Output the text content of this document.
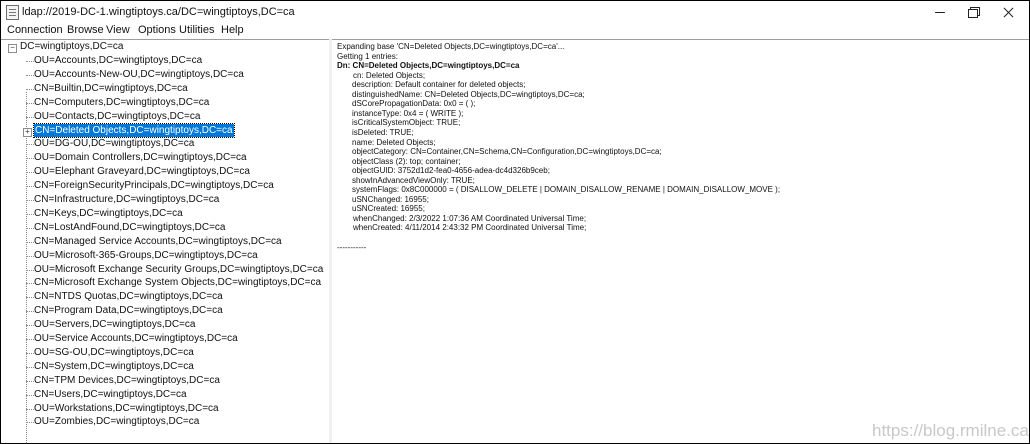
ldap://2019-DC-1.wingtiptoys.ca/DC=wingtiptoys,DC=ca
Connection Browse View Options Utilities Help
− DC=wingtiptoys,DC=ca
OU=Accounts,DC=wingtiptoys,DC=ca
OU=Accounts-New-OU,DC=wingtiptoys,DC=ca
CN=Builtin,DC=wingtiptoys,DC=ca
CN=Computers,DC=wingtiptoys,DC=ca
OU=Contacts,DC=wingtiptoys,DC=ca
+ CN=Deleted Objects,DC=wingtiptoys,DC=ca
OU=DG-OU,DC=wingtiptoys,DC=ca
OU=Domain Controllers,DC=wingtiptoys,DC=ca
OU=Elephant Graveyard,DC=wingtiptoys,DC=ca
CN=ForeignSecurityPrincipals,DC=wingtiptoys,DC=ca
CN=Infrastructure,DC=wingtiptoys,DC=ca
CN=Keys,DC=wingtiptoys,DC=ca
CN=LostAndFound,DC=wingtiptoys,DC=ca
CN=Managed Service Accounts,DC=wingtiptoys,DC=ca
OU=Microsoft-365-Groups,DC=wingtiptoys,DC=ca
OU=Microsoft Exchange Security Groups,DC=wingtiptoys,DC=ca
CN=Microsoft Exchange System Objects,DC=wingtiptoys,DC=ca
CN=NTDS Quotas,DC=wingtiptoys,DC=ca
CN=Program Data,DC=wingtiptoys,DC=ca
OU=Servers,DC=wingtiptoys,DC=ca
OU=Service Accounts,DC=wingtiptoys,DC=ca
OU=SG-OU,DC=wingtiptoys,DC=ca
CN=System,DC=wingtiptoys,DC=ca
CN=TPM Devices,DC=wingtiptoys,DC=ca
CN=Users,DC=wingtiptoys,DC=ca
OU=Workstations,DC=wingtiptoys,DC=ca
OU=Zombies,DC=wingtiptoys,DC=ca
Expanding base 'CN=Deleted Objects,DC=wingtiptoys,DC=ca'...
Getting 1 entries:
Dn: CN=Deleted Objects,DC=wingtiptoys,DC=ca
cn: Deleted Objects;
description: Default container for deleted objects;
distinguishedName: CN=Deleted Objects,DC=wingtiptoys,DC=ca;
dSCorePropagationData: 0x0 = ( );
instanceType: 0x4 = ( WRITE );
isCriticalSystemObject: TRUE;
isDeleted: TRUE;
name: Deleted Objects;
objectCategory: CN=Container,CN=Schema,CN=Configuration,DC=wingtiptoys,DC=ca;
objectClass (2): top; container;
objectGUID: 3752d1d2-fea0-4656-adea-dc4d326b9ceb;
showInAdvancedViewOnly: TRUE;
systemFlags: 0x8C000000 = ( DISALLOW_DELETE | DOMAIN_DISALLOW_RENAME | DOMAIN_DISALLOW_MOVE );
uSNChanged: 16955;
uSNCreated: 16955;
whenChanged: 2/3/2022 1:07:36 AM Coordinated Universal Time;
whenCreated: 4/11/2014 2:43:32 PM Coordinated Universal Time;
-----------
https://blog.rmilne.ca
